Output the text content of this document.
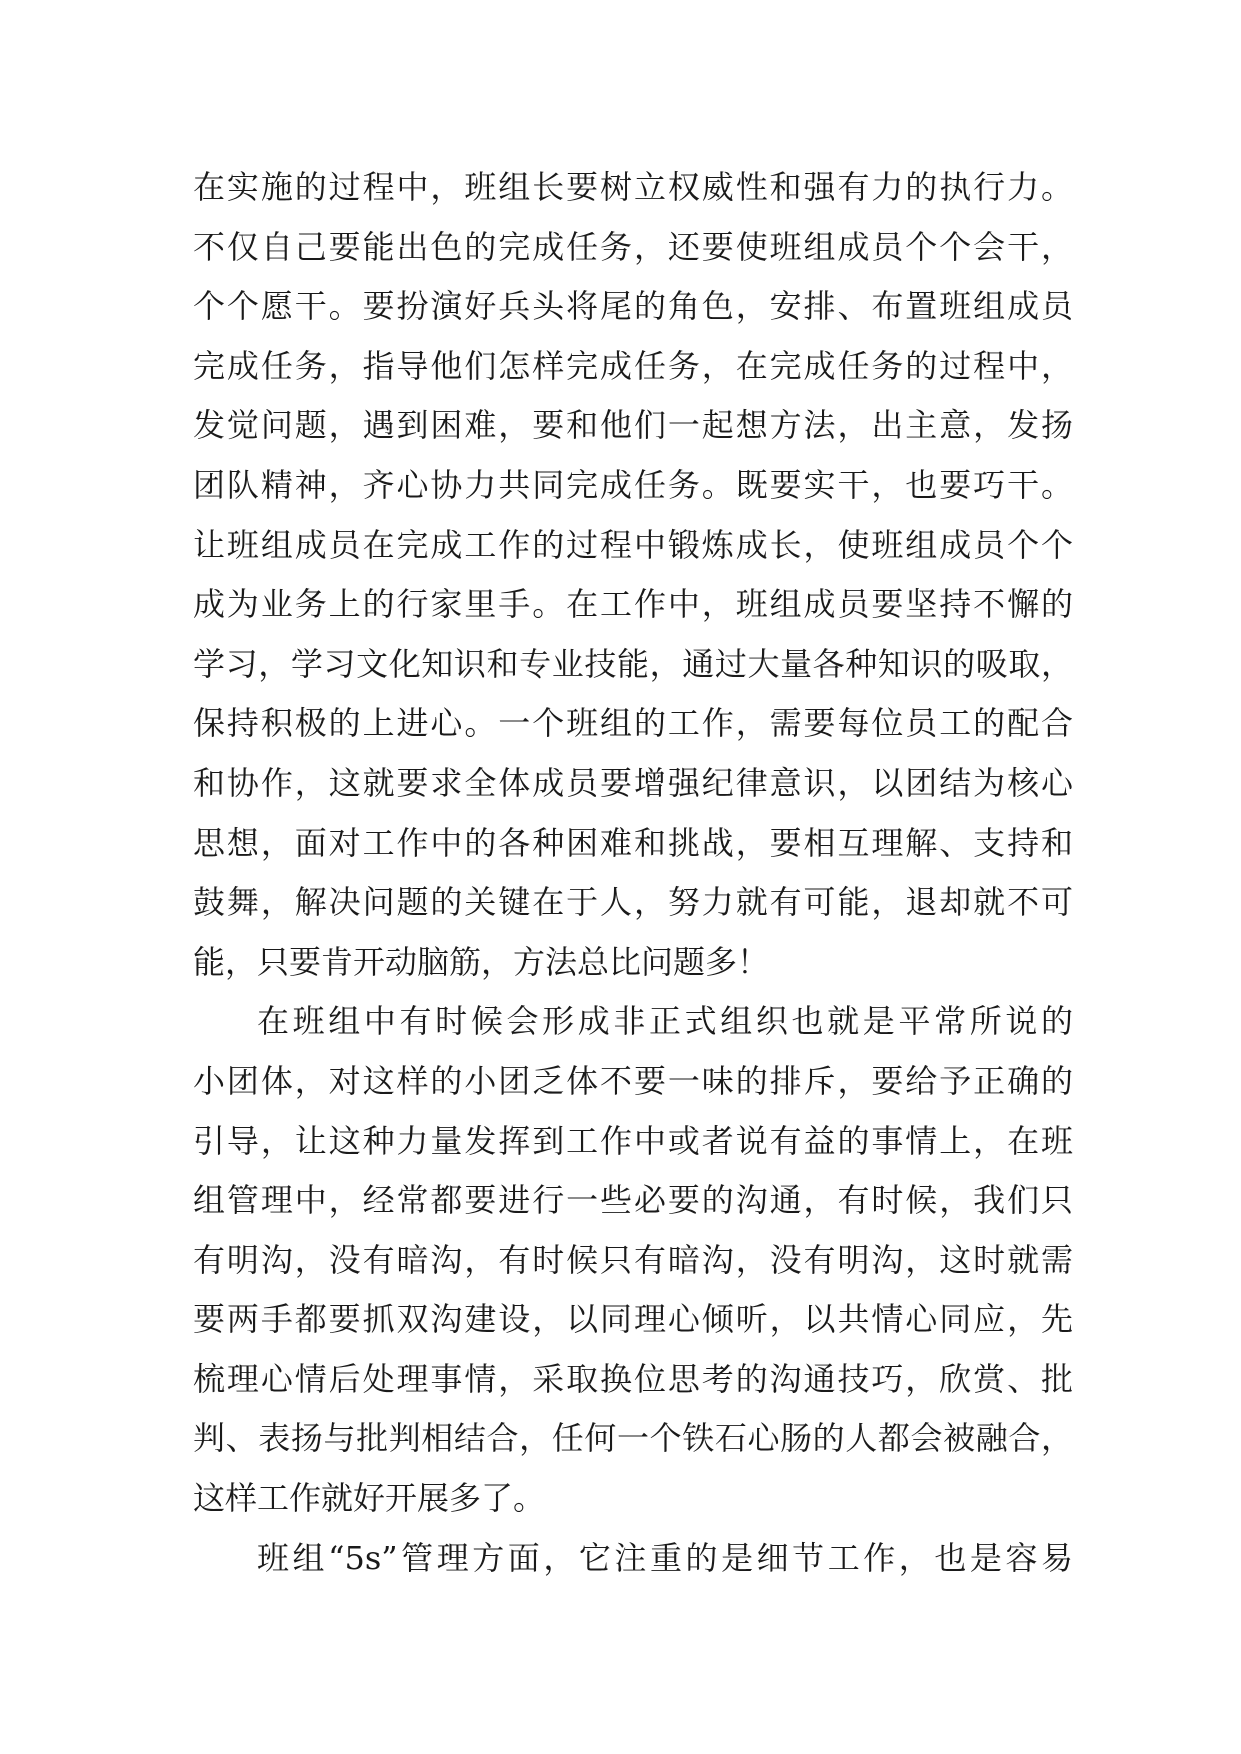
在实施的过程中，班组长要树立权威性和强有力的执行力。
不仅自己要能出色的完成任务，还要使班组成员个个会干，
个个愿干。要扮演好兵头将尾的角色，安排、布置班组成员
完成任务，指导他们怎样完成任务，在完成任务的过程中，
发觉问题，遇到困难，要和他们一起想方法，出主意，发扬
团队精神，齐心协力共同完成任务。既要实干，也要巧干。
让班组成员在完成工作的过程中锻炼成长，使班组成员个个
成为业务上的行家里手。在工作中，班组成员要坚持不懈的
学习，学习文化知识和专业技能，通过大量各种知识的吸取，
保持积极的上进心。一个班组的工作，需要每位员工的配合
和协作，这就要求全体成员要增强纪律意识，以团结为核心
思想，面对工作中的各种困难和挑战，要相互理解、支持和
鼓舞，解决问题的关键在于人，努力就有可能，退却就不可
能，只要肯开动脑筋，方法总比问题多！
在班组中有时候会形成非正式组织也就是平常所说的
小团体，对这样的小团乏体不要一味的排斥，要给予正确的
引导，让这种力量发挥到工作中或者说有益的事情上，在班
组管理中，经常都要进行一些必要的沟通，有时候，我们只
有明沟，没有暗沟，有时候只有暗沟，没有明沟，这时就需
要两手都要抓双沟建设，以同理心倾听，以共情心同应，先
梳理心情后处理事情，采取换位思考的沟通技巧，欣赏、批
判、表扬与批判相结合，任何一个铁石心肠的人都会被融合，
这样工作就好开展多了。
班组“5s”管理方面，它注重的是细节工作，也是容易
